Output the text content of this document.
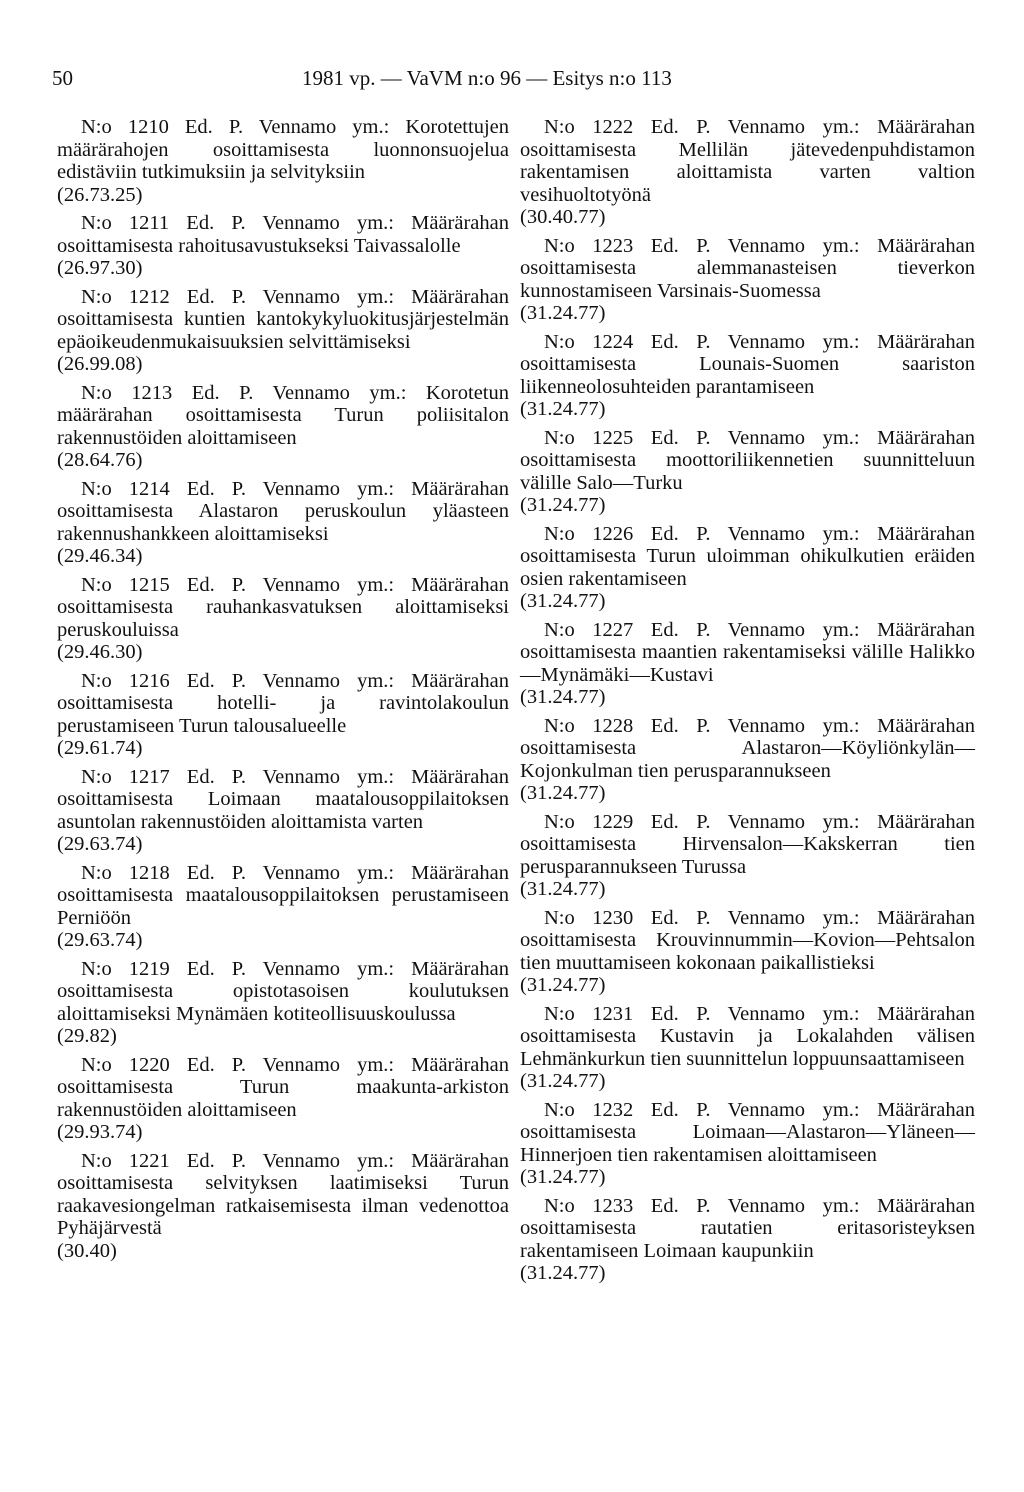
50	1981 vp. — VaVM n:o 96 — Esitys n:o 113
N:o 1210 Ed. P. Vennamo ym.: Korotettujen määrärahojen osoittamisesta luonnonsuojelua edistäviin tutkimuksiin ja selvityksiin
(26.73.25)
N:o 1211 Ed. P. Vennamo ym.: Määrärahan osoittamisesta rahoitusavustukseksi Taivassalolle
(26.97.30)
N:o 1212 Ed. P. Vennamo ym.: Määrärahan osoittamisesta kuntien kantokykyluokitusjärjestelmän epäoikeudenmukaisuuksien selvittämiseksi
(26.99.08)
N:o 1213 Ed. P. Vennamo ym.: Korotetun määrärahan osoittamisesta Turun poliisitalon rakennustöiden aloittamiseen
(28.64.76)
N:o 1214 Ed. P. Vennamo ym.: Määrärahan osoittamisesta Alastaron peruskoulun yläasteen rakennushankkeen aloittamiseksi
(29.46.34)
N:o 1215 Ed. P. Vennamo ym.: Määrärahan osoittamisesta rauhankasvatuksen aloittamiseksi peruskouluissa
(29.46.30)
N:o 1216 Ed. P. Vennamo ym.: Määrärahan osoittamisesta hotelli- ja ravintolakoulun perustamiseen Turun talousalueelle
(29.61.74)
N:o 1217 Ed. P. Vennamo ym.: Määrärahan osoittamisesta Loimaan maatalousoppilaitoksen asuntolan rakennustöiden aloittamista varten
(29.63.74)
N:o 1218 Ed. P. Vennamo ym.: Määrärahan osoittamisesta maatalousoppilaitoksen perustamiseen Perniöön
(29.63.74)
N:o 1219 Ed. P. Vennamo ym.: Määrärahan osoittamisesta opistotasoisen koulutuksen aloittamiseksi Mynämäen kotiteollisuuskoulussa
(29.82)
N:o 1220 Ed. P. Vennamo ym.: Määrärahan osoittamisesta Turun maakunta-arkiston rakennustöiden aloittamiseen
(29.93.74)
N:o 1221 Ed. P. Vennamo ym.: Määrärahan osoittamisesta selvityksen laatimiseksi Turun raakavesiongelman ratkaisemisesta ilman vedenottoa Pyhäjärvestä
(30.40)
N:o 1222 Ed. P. Vennamo ym.: Määrärahan osoittamisesta Mellilän jätevedenpuhdistamon rakentamisen aloittamista varten valtion vesihuoltotyönä
(30.40.77)
N:o 1223 Ed. P. Vennamo ym.: Määrärahan osoittamisesta alemmanasteisen tieverkon kunnostamiseen Varsinais-Suomessa
(31.24.77)
N:o 1224 Ed. P. Vennamo ym.: Määrärahan osoittamisesta Lounais-Suomen saariston liikenneolosuhteiden parantamiseen
(31.24.77)
N:o 1225 Ed. P. Vennamo ym.: Määrärahan osoittamisesta moottoriliikennetien suunnitteluun välille Salo—Turku
(31.24.77)
N:o 1226 Ed. P. Vennamo ym.: Määrärahan osoittamisesta Turun uloimman ohikulkutien eräiden osien rakentamiseen
(31.24.77)
N:o 1227 Ed. P. Vennamo ym.: Määrärahan osoittamisesta maantien rakentamiseksi välille Halikko—Mynämäki—Kustavi
(31.24.77)
N:o 1228 Ed. P. Vennamo ym.: Määrärahan osoittamisesta Alastaron—Köyliönkylän—Kojonkulman tien perusparannukseen
(31.24.77)
N:o 1229 Ed. P. Vennamo ym.: Määrärahan osoittamisesta Hirvensalon—Kakskerran tien perusparannukseen Turussa
(31.24.77)
N:o 1230 Ed. P. Vennamo ym.: Määrärahan osoittamisesta Krouvinnummin—Kovion—Pehtsalon tien muuttamiseen kokonaan paikallistieksi
(31.24.77)
N:o 1231 Ed. P. Vennamo ym.: Määrärahan osoittamisesta Kustavin ja Lokalahden välisen Lehmänkurkun tien suunnittelun loppuunsaattamiseen
(31.24.77)
N:o 1232 Ed. P. Vennamo ym.: Määrärahan osoittamisesta Loimaan—Alastaron—Yläneen—Hinnerjoen tien rakentamisen aloittamiseen
(31.24.77)
N:o 1233 Ed. P. Vennamo ym.: Määrärahan osoittamisesta rautatien eritasoristeyksen rakentamiseen Loimaan kaupunkiin
(31.24.77)
